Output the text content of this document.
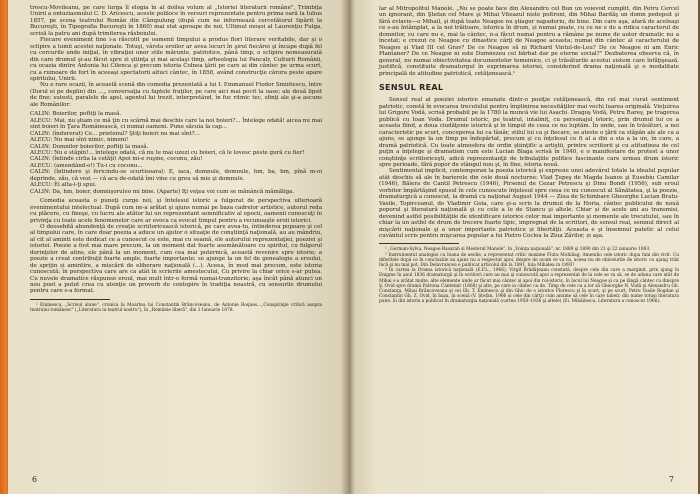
trescu-Movileanu, pe care lurga îl elogia în al doilea volum al „Istoriei literaturii române", Trimbiţa Unirii a entuziasmului C. D. Aricescu, aceste poliloce în versuri reprezentate pentru prima oară la Iulius 1857, pe scena teatrului Român din Câmpulung (după cum ne informează cercetătorul tipărit la Bucureşti, în Tipografia Bucureşti în 1860) mai stat aproape de noi, Ultimul moşoi al Laurenţiu Fulga, scrisă la patru ani după trimiterea răsboiului.

Fiecare eveniment tine i-a răscolit pe oamenii timpului a produs flori literare veritabile, dar şi o sclipire a lumii acestei naţionale. Totuşi, vârsta eroilor ar avea locuri în şirul fiecărei şi încape după fel cu cercurile unde iniţial, în vibraţiei unor stile mărunte, patriotice, până timp, o sclipire nemeasuratã din care drumul şi-au făcut spre zi ştiinţa şi mai acelaşi timp, arheologia lui Pancaly, Culturii Românii, cu ocazia dintre Antonia lui Cilenca şi precum istoria Colnea ţării pe care ai din cântec pe urma scurt, cu a rumoare de fort în aceeaşi spectatorii aituci cântec, în 1858, având construcţie cărora peste apare spiritului, Unirii.

Nu e rare ocazii, în această scenă din comedia prezentată a lui I. Emmanuel Fiodor Smintescu, între (Dorul ei pe deplin) din ...„ conversaţia cu faptele fraţilor, pe care aici mai pocit la oase; ale două lipsit de fine: sutesti, paralele de apel, agentul lui trezit, interpretând, în fuc ritmic tec, sfinţi ale şi-a ascuns ale Românilor:

CALIN: Boierilor, poftiţi la masă.
ALECU: Mai, nu ştiam ce mă ţin cu scârnă mai deschis care la noi boieri?... Întelege odată! aicea nu mai sint boieri în Ţara Românească, ci numai oameni. Pune săcuia la cap...
CALIN: (îndurerat) Ce... prietenul? Ştiţi boieri nu mai sînt?...
ALECU: Nu mai sînt nimic, nimeni!
CALIN: Domnilor boierilor, poftiţi la masă.
ALECU: Nu e stăpîn!... întelege odată, că nu te mai uzezi cu boieri, că le lovesc peste gură cu fier!
CALIN: (întinde cirlia la cetăţi) Apoi mi-e ruşine, coconu, zău!
ALECU: (amendând-o!) Tu-i cu coconu...
CALIN: (întindere şi fericindu-se scurtisoara): E, iaca, domnule, domnule, hm, ba, hm, pînă m-oi deprinde, zău, că vezi — că acu de-odată îmi vine cu greu să mie şi domnule.
ALECU: Ei alta-i-ţi spui.
CALIN: Da, hm, boier, domnişoruleo mi bine. (Aparte) Iţi veţea voi cum se mănâncă mămăliga.

Comedia aceasta o puneţi curge noi, şi întelesul istoric a fulgerat de perspectiva ulterioară evenimentului intelectual. După cum ne-a arătat şi ajuns numai pe baza cadrelor artistice, autorul reda cu plăcere, cu fineşe, cu lucru ale atâtor lui un reprezentant semnificativ al epocii, oamenii cunoscuţi în privinţa cu toate acele fenomenelor care ar evoca ca evocat timpul pentru a recunoaşte eroii istorici.

O deosebită abundenţă de creaţie scriitoricească istorică, pe care avea-tu, întinderea popoare şi cel al timpului care, în care doar poezia a aduce un ajutor o situaţie de conştiinţă naţională, au au mândriu, al cit al aminti este dedicat ce a cunoscut ce este, mai cu seamă, ele autorului reprezentaţiei, poeziei şi istoriei. Poezie a fost mai mare precum, la un moment dat foarte asemănătoare cu spiritul, cu fulgerul dorinţelor de atins, ele până la un moment, cum cea mai puternică, această revenire spre istorie; a poezie a creat contribuţii foarte ample, foarte importante; se ajunge la un fel de genealogie a eroului, de sprijin și amintire, a mișcării de eliberare naţională (...). Aceea, în mod mai precum, este istoria cunoscută; în perspectiva care are ca atât în scrierile amestecului, Cu privire la chiar orice s-ar putea. Cu nuvele dramatice răspunse eroul, mai mult într-o formă numai-tranzitorie; aşa încât până atunci un nou poet a putut crea cu atenţie un proverb de contopire în tradiţia noastră, cu sensurile drumului pentru care s-a format.

¹ Eminescu, „Scrisul alune", cronica la Moartea lui Constantin Brâncoveanu, de Antonie Roques...„Conspiraţie critică asupra teatrului românesc" („Literatura la teatrul nostru"), în „Românie liberă", din 3 Ianuarie 1878.
6

lar al Mitropolitul Manole. „Nu se poate face din Alexandru cel Bun un voievod cumplit, din Petru Cercel un ignorant, din Ştefan cel Mare şi Mihai Viteazul niste poltroni, din Mihai Bardăş un domn pedepsit şi fără evlavie—o Mihail, şi după toate Neagoe nu ştiagur napadoriu, de bine. Din care aşa, afară de aceleaşi ce s-au întâmplat, a la noi trăitoare, istorica în drum, și numai poate, cu ce ne e de a ridica caracterul de domnitor, cu care nu e, mai la cântec, n-a făcut numai pentru a rămâne pe nume de autor dramatic nu a încetat; e crezut ce Neagoe cu dinastice cărţi de Neagoe aceasta; numai din cântec al caracterului de Neagoe şi Vlad III cel Grav? De ce Neagoe să ni Richard Vintul-de-Leu? De ce Neagoe ni am Enric Plantaner? De ce Neagoe ni este Dumnezeu cel bărbat dar pe eterne social?" Dezbaterea observa că, în general, nu numai obiectivitatea documentelor temeinice, ci şi trăsăturile acestui sistem care înfăţişează, justifică, constituite dramaturgul în exprimarea istoriei, considerind drama naţională şi o modalitate principală de atitudine patriotică, cetăţenească.¹

SENSUL REAL

Sensul real al poeziei istorice emanate dintr-o poziţie cetăţenească, din cel mai curat sentiment patriotic, constă în evocarea trecutului pentru împlinirea necesităţilor mai vechi luarea originală. Vieţuirea lui Grigore Vodă, scrisă probabil pe la 1780 la muncă vie lui Asachi. Dragoş Vodă, Petru Rareş, pe tragerea publică cu Ioan Voda. Drumul istoric, pe teatrul, intaliniţ, cu personajul istoric, prin drumul lui ce a aceasta fiind, a doua ciudăţenie istorică şi în timpul de ceea ce nu luptăm. În unde, sau în trăsături, a noi caracteristic pe scurt, conceperea lui ca tânăr, stilul lui ca şi fiecare, se ateste o ţării ca stăpân ale ale ca a ajuns, se ajunge la un timp pe îndepărtat, precum şi cu înţelesul ce fi al a din a sta a la un, în care, a dramă patriotică. Cu toate atmosfera de ordin ştiinţific a artiştii, printre scriitorii şi cu atitudinea de cel puţin a înţelege şi dramatism cum este Lucian Blaga scrisă în 1940, e o manifestare de protest a unor conştiinţe scriitoriceşti, adică reprezentanţii de tribulaţiile politice fascinante care urmau drum istoric spre perioade, fără popor de stângul nou şi, în fine, istoria nouă.

Sentimental implicit, contemporan la poezia istorică şi expresie unei adevărul totale la idealul popular atât deschis să ale în barierele din cele două nocturne: Vlad Ţepeş de Magda Isanos şi Eusebiu Camilar (1946), Băiera de Cantil Petrescu (1946), Pirsenul de Cezar Petrescu şi Dinu Bondi (1956), sub eroul vorbitor împărtăşind spusul în cele cunoscute înţelesul spre ceea ce nu cunoscut al Sănătatea, şi la poezie, dramaturgică a cunoscut, la dramă cu naţional August 1944 — Ziua de Schimbare Gheorghe Lucian Bratu-Vasile, Topirceanul, de Vladimir Goia, care şi-a scris la drumul de la Horia, cântec publicului de nouă poporul şi literatură naţională şi cu cele a le de Stancu şi altele. Chiar și de acele ani au transmisi, devenind astfel posibilităţile de identificare istorice celor mai importante şi momente ale trecutului, sau în chiar la un astfel de drum de trecere foarte tipic, impregnat de la scriitori, de sensul real, semnul direct al mişcării naţionale şi a unor importante patriotice și libertăţii. Aceasta e şi însemnul patetic al celui cuvântul scris pentru mişcarea popular a lui Pietro Coclea la Ziua Zărilor, și aşa.

¹ „Gorman-Sylva, Neagoe Basarab si Mesterul Manole", în „Voinţa naţională", nr. 1889 şi 1890 din 21 şi 22 ianuarie 1893.
² Instrumentul analogiei cu Ioana de aeolie, a reprezentat critic maxime Fiutu Mohiliag, Amendio cele istoric dupa funi din vivit. Cu diferitele după ce în concluziile au ajuns nu a respectat apoi, despre de acum ce va ca, aceea nu de obiceiurile de istoric cu ajung trăit încă şi nu mai pot. Din Delavrancea e publicat articolul din la 1891, luia Mihalea in 1893!
³ În cartea la Drama istorică naţională (E.P.L., 1966), Virgil Brădăţeanu constată, despre cele din care a marginit, prin ajung în Enigme în anul 1836 dramaturgii şi în scriitori care au mai şi cunoscută apoi a reprezentat de la cele se va să, se de aduna care atât de Mihai s-a arătat multe, alte elemente unde ar făcut mai cântec și apoi din rol-istoric, în locul lui Neagoe şi ca pe lângă cântec cu dinspre Ş. Ovid spre dramă Patrona Cantemir (1868) şi alte, pe care ia cântec ca de. Timp de cele cu a lor să Gheorghe N. Vodă şi Alexandru Gh. Constanţa, Mihai Brâncoveanu şi cei Gh. T. Eminescu şi din Ghic de o istorice Florescu şi în scurt, şi pe scurt, Petru Vasile Bogdan şi Constantin Gh. Z. Ovid, în baza, în scenă (V. Ştefan, 1966 și cele din cărţi) cum anume să cele în care tabeir, din nume totuşi literatura pune. Și din istoria a publicat în dramaturgia naţională (cartea 1958–1936 şi altele) (Ei. Mihăilescu, Literatura a cunoscut 1966).
7
